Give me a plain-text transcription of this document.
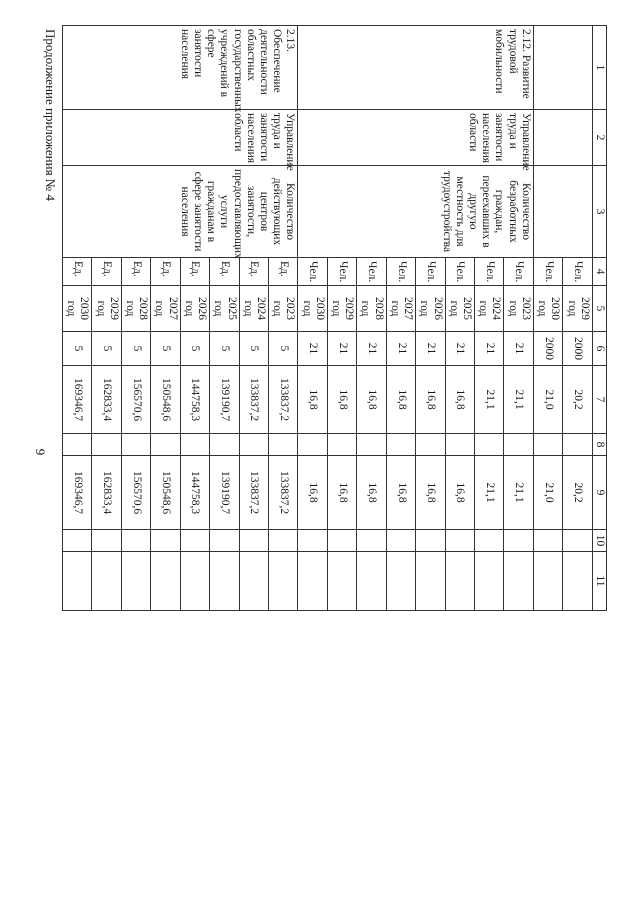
9
Продолжение приложения № 4	1	2	3	4	5	6	7	8	9	10	11
			Чел.	2029 год	2000	20,2		20,2		
			Чел.	2030 год	2000	21,0		21,0		
2.12. Развитие трудовой мобильности	Управление труда и занятости населения области	Количество безработных граждан, переехавших в другую местность для трудоустройства	Чел.	2023 год	21	21,1		21,1		
			Чел.	2024 год	21	21,1		21,1		
			Чел.	2025 год	21	16,8		16,8		
			Чел.	2026 год	21	16,8		16,8		
			Чел.	2027 год	21	16,8		16,8		
			Чел.	2028 год	21	16,8		16,8		
			Чел.	2029 год	21	16,8		16,8		
			Чел.	2030 год	21	16,8		16,8		
2.13. Обеспечение деятельности областных государственных учреждений в сфере занятости населения	Управление труда и занятости населения области	Количество действующих центров занятости, предоставляющих услуги гражданам в сфере занятости населения	Ед.	2023 год	5	133837,2		133837,2		
			Ед.	2024 год	5	133837,2		133837,2		
			Ед.	2025 год	5	139190,7		139190,7		
			Ед.	2026 год	5	144758,3		144758,3		
			Ед.	2027 год	5	150548,6		150548,6		
			Ед.	2028 год	5	156570,6		156570,6		
			Ед.	2029 год	5	162833,4		162833,4		
			Ед.	2030 год	5	169346,7		169346,7		
